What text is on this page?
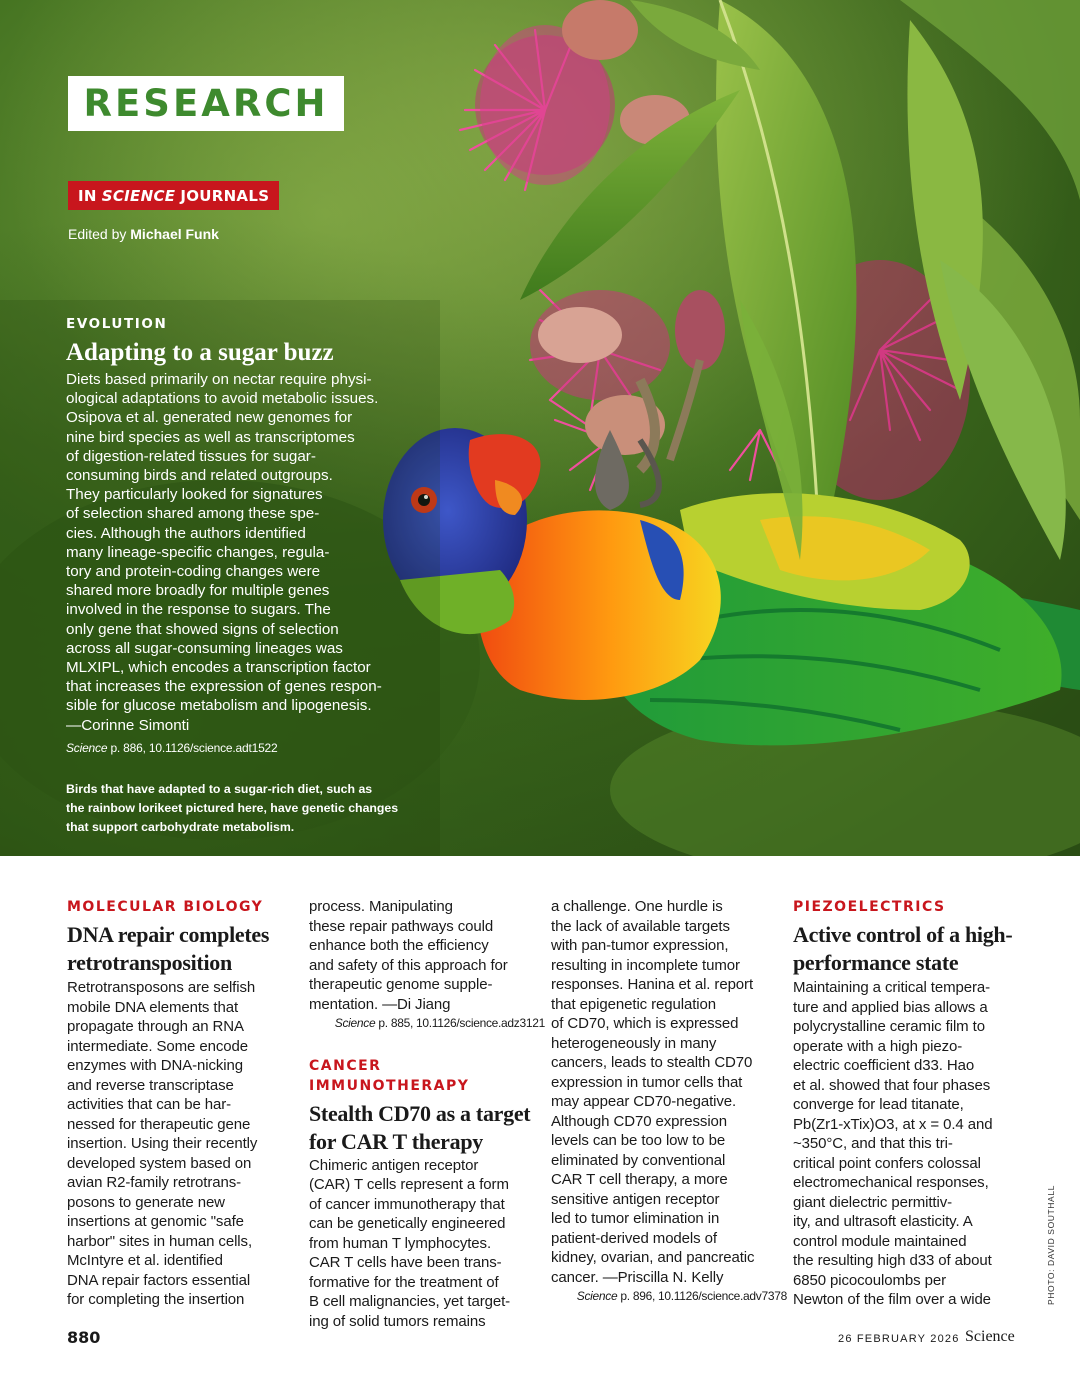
RESEARCH
IN SCIENCE JOURNALS
Edited by Michael Funk
EVOLUTION
Adapting to a sugar buzz
Diets based primarily on nectar require physi-
ological adaptations to avoid metabolic issues.
Osipova et al. generated new genomes for
nine bird species as well as transcriptomes
of digestion-related tissues for sugar-
consuming birds and related outgroups.
They particularly looked for signatures
of selection shared among these spe-
cies. Although the authors identified
many lineage-specific changes, regula-
tory and protein-coding changes were
shared more broadly for multiple genes
involved in the response to sugars. The
only gene that showed signs of selection
across all sugar-consuming lineages was
MLXIPL, which encodes a transcription factor
that increases the expression of genes respon-
sible for glucose metabolism and lipogenesis.
—Corinne Simonti
Science p. 886, 10.1126/science.adt1522
Birds that have adapted to a sugar-rich diet, such as
the rainbow lorikeet pictured here, have genetic changes
that support carbohydrate metabolism.
MOLECULAR BIOLOGY
DNA repair completes
retrotransposition
Retrotransposons are selfish
mobile DNA elements that
propagate through an RNA
intermediate. Some encode
enzymes with DNA-nicking
and reverse transcriptase
activities that can be har-
nessed for therapeutic gene
insertion. Using their recently
developed system based on
avian R2-family retrotrans-
posons to generate new
insertions at genomic "safe
harbor" sites in human cells,
McIntyre et al. identified
DNA repair factors essential
for completing the insertion
process. Manipulating
these repair pathways could
enhance both the efficiency
and safety of this approach for
therapeutic genome supple-
mentation. —Di Jiang
Science p. 885, 10.1126/science.adz3121
CANCER IMMUNOTHERAPY
Stealth CD70 as a target
for CAR T therapy
Chimeric antigen receptor
(CAR) T cells represent a form
of cancer immunotherapy that
can be genetically engineered
from human T lymphocytes.
CAR T cells have been trans-
formative for the treatment of
B cell malignancies, yet target-
ing of solid tumors remains
a challenge. One hurdle is
the lack of available targets
with pan-tumor expression,
resulting in incomplete tumor
responses. Hanina et al. report
that epigenetic regulation
of CD70, which is expressed
heterogeneously in many
cancers, leads to stealth CD70
expression in tumor cells that
may appear CD70-negative.
Although CD70 expression
levels can be too low to be
eliminated by conventional
CAR T cell therapy, a more
sensitive antigen receptor
led to tumor elimination in
patient-derived models of
kidney, ovarian, and pancreatic
cancer. —Priscilla N. Kelly
Science p. 896, 10.1126/science.adv7378
PIEZOELECTRICS
Active control of a high-
performance state
Maintaining a critical tempera-
ture and applied bias allows a
polycrystalline ceramic film to
operate with a high piezo-
electric coefficient d33. Hao
et al. showed that four phases
converge for lead titanate,
Pb(Zr1-xTix)O3, at x = 0.4 and
~350°C, and that this tri-
critical point confers colossal
electromechanical responses,
giant dielectric permittiv-
ity, and ultrasoft elasticity. A
control module maintained
the resulting high d33 of about
6850 picocoulombs per
Newton of the film over a wide
880	26 FEBRUARY 2026 Science
PHOTO: DAVID SOUTHALL
